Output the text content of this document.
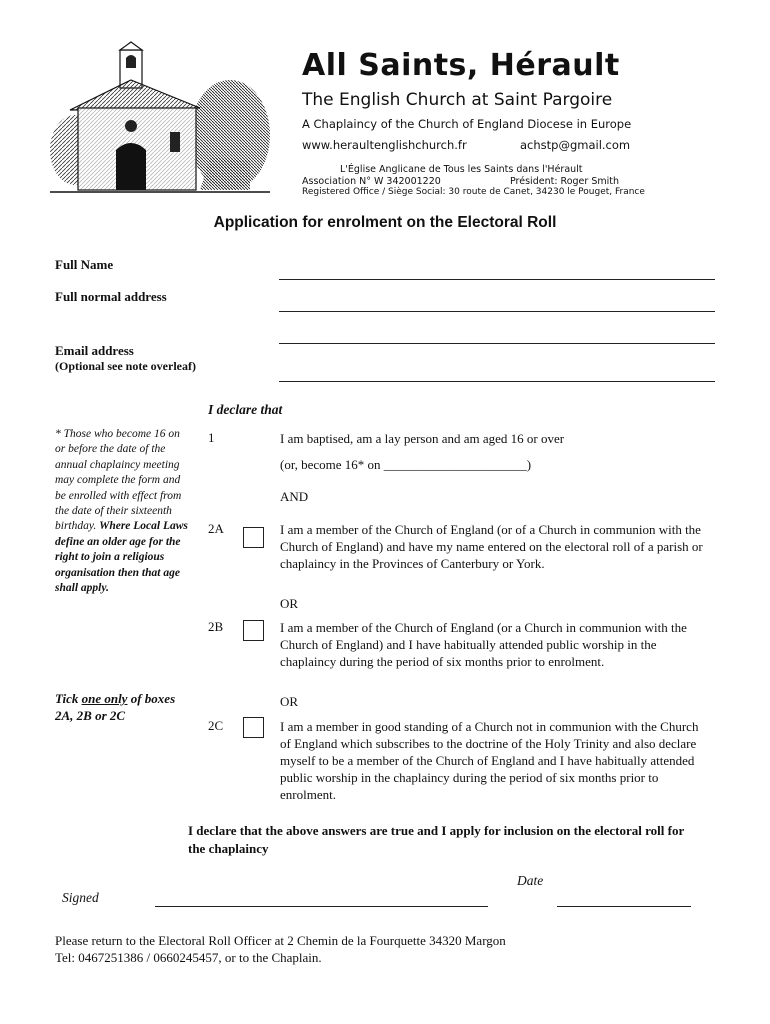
All Saints, Hérault
The English Church at Saint Pargoire
A Chaplaincy of the Church of England Diocese in Europe
www.heraultenglishchurch.fr	achstp@gmail.com
L'Église Anglicane de Tous les Saints dans l'Hérault
Association N° W 342001220	Président: Roger Smith
Registered Office / Siège Social: 30 route de Canet, 34230 le Pouget, France
Application for enrolment on the Electoral Roll
Full Name
Full normal address
Email address
(Optional see note overleaf)
I declare that
* Those who become 16 on or before the date of the annual chaplaincy meeting may complete the form and be enrolled with effect from the date of their sixteenth birthday. Where Local Laws define an older age for the right to join a religious organisation then that age shall apply.
Tick one only of boxes 2A, 2B or 2C
1	I am baptised, am a lay person and am aged 16 or over
(or, become 16* on ______________________)
AND
2A	I am a member of the Church of England (or of a Church in communion with the Church of England) and have my name entered on the electoral roll of a parish or chaplaincy in the Provinces of Canterbury or York.
OR
2B	I am a member of the Church of England (or a Church in communion with the Church of England) and I have habitually attended public worship in the chaplaincy during the period of six months prior to enrolment.
OR
2C	I am a member in good standing of a Church not in communion with the Church of England which subscribes to the doctrine of the Holy Trinity and also declare myself to be a member of the Church of England and I have habitually attended public worship in the chaplaincy during the period of six months prior to enrolment.
I declare that the above answers are true and I apply for inclusion on the electoral roll for the chaplaincy
Date
Signed
Please return to the Electoral Roll Officer at 2 Chemin de la Fourquette 34320 Margon
Tel: 0467251386 / 0660245457, or to the Chaplain.
